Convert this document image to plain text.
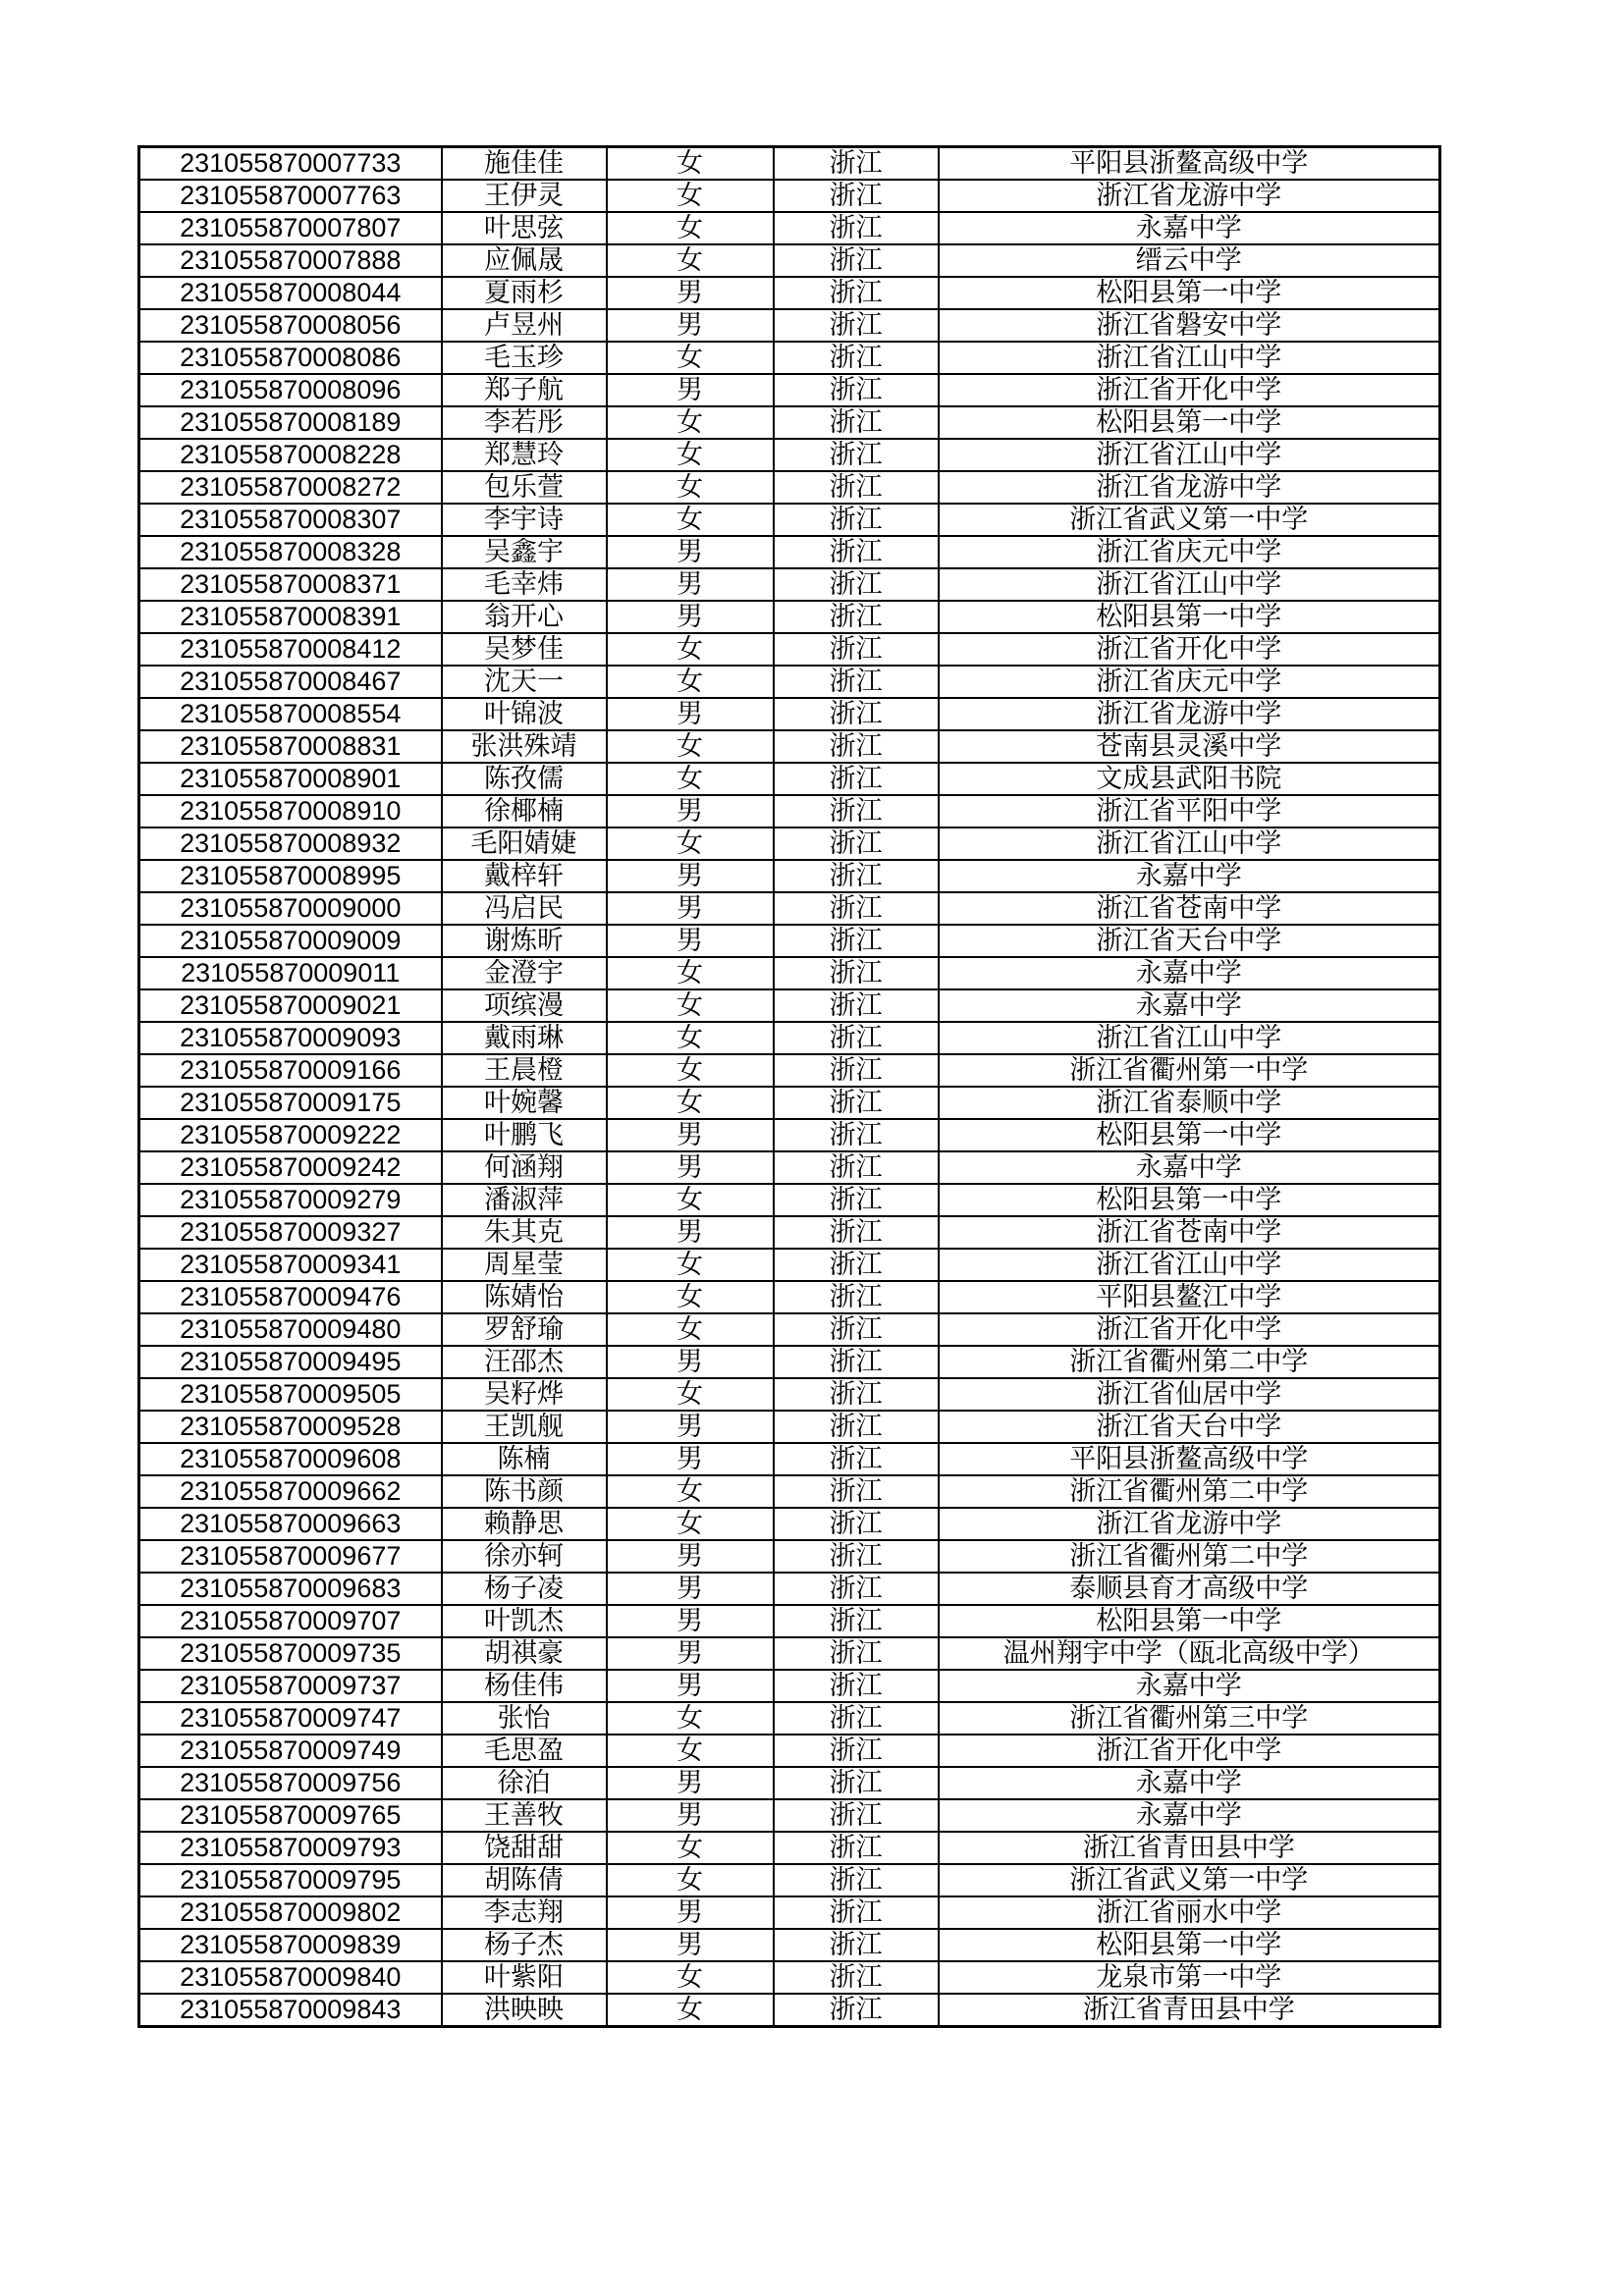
231055870007733	施佳佳	女	浙江	平阳县浙鳌高级中学
231055870007763	王伊灵	女	浙江	浙江省龙游中学
231055870007807	叶思弦	女	浙江	永嘉中学
231055870007888	应佩晟	女	浙江	缙云中学
231055870008044	夏雨杉	男	浙江	松阳县第一中学
231055870008056	卢昱州	男	浙江	浙江省磐安中学
231055870008086	毛玉珍	女	浙江	浙江省江山中学
231055870008096	郑子航	男	浙江	浙江省开化中学
231055870008189	李若彤	女	浙江	松阳县第一中学
231055870008228	郑慧玲	女	浙江	浙江省江山中学
231055870008272	包乐萱	女	浙江	浙江省龙游中学
231055870008307	李宇诗	女	浙江	浙江省武义第一中学
231055870008328	吴鑫宇	男	浙江	浙江省庆元中学
231055870008371	毛幸炜	男	浙江	浙江省江山中学
231055870008391	翁开心	男	浙江	松阳县第一中学
231055870008412	吴梦佳	女	浙江	浙江省开化中学
231055870008467	沈天一	女	浙江	浙江省庆元中学
231055870008554	叶锦波	男	浙江	浙江省龙游中学
231055870008831	张洪殊靖	女	浙江	苍南县灵溪中学
231055870008901	陈孜儒	女	浙江	文成县武阳书院
231055870008910	徐椰楠	男	浙江	浙江省平阳中学
231055870008932	毛阳婧婕	女	浙江	浙江省江山中学
231055870008995	戴梓轩	男	浙江	永嘉中学
231055870009000	冯启民	男	浙江	浙江省苍南中学
231055870009009	谢炼昕	男	浙江	浙江省天台中学
231055870009011	金澄宇	女	浙江	永嘉中学
231055870009021	项缤漫	女	浙江	永嘉中学
231055870009093	戴雨琳	女	浙江	浙江省江山中学
231055870009166	王晨橙	女	浙江	浙江省衢州第一中学
231055870009175	叶婉馨	女	浙江	浙江省泰顺中学
231055870009222	叶鹏飞	男	浙江	松阳县第一中学
231055870009242	何涵翔	男	浙江	永嘉中学
231055870009279	潘淑萍	女	浙江	松阳县第一中学
231055870009327	朱其克	男	浙江	浙江省苍南中学
231055870009341	周星莹	女	浙江	浙江省江山中学
231055870009476	陈婧怡	女	浙江	平阳县鳌江中学
231055870009480	罗舒瑜	女	浙江	浙江省开化中学
231055870009495	汪邵杰	男	浙江	浙江省衢州第二中学
231055870009505	吴籽烨	女	浙江	浙江省仙居中学
231055870009528	王凯舰	男	浙江	浙江省天台中学
231055870009608	陈楠	男	浙江	平阳县浙鳌高级中学
231055870009662	陈书颜	女	浙江	浙江省衢州第二中学
231055870009663	赖静思	女	浙江	浙江省龙游中学
231055870009677	徐亦轲	男	浙江	浙江省衢州第二中学
231055870009683	杨子凌	男	浙江	泰顺县育才高级中学
231055870009707	叶凯杰	男	浙江	松阳县第一中学
231055870009735	胡祺豪	男	浙江	温州翔宇中学（瓯北高级中学）
231055870009737	杨佳伟	男	浙江	永嘉中学
231055870009747	张怡	女	浙江	浙江省衢州第三中学
231055870009749	毛思盈	女	浙江	浙江省开化中学
231055870009756	徐泊	男	浙江	永嘉中学
231055870009765	王善牧	男	浙江	永嘉中学
231055870009793	饶甜甜	女	浙江	浙江省青田县中学
231055870009795	胡陈倩	女	浙江	浙江省武义第一中学
231055870009802	李志翔	男	浙江	浙江省丽水中学
231055870009839	杨子杰	男	浙江	松阳县第一中学
231055870009840	叶紫阳	女	浙江	龙泉市第一中学
231055870009843	洪映映	女	浙江	浙江省青田县中学
